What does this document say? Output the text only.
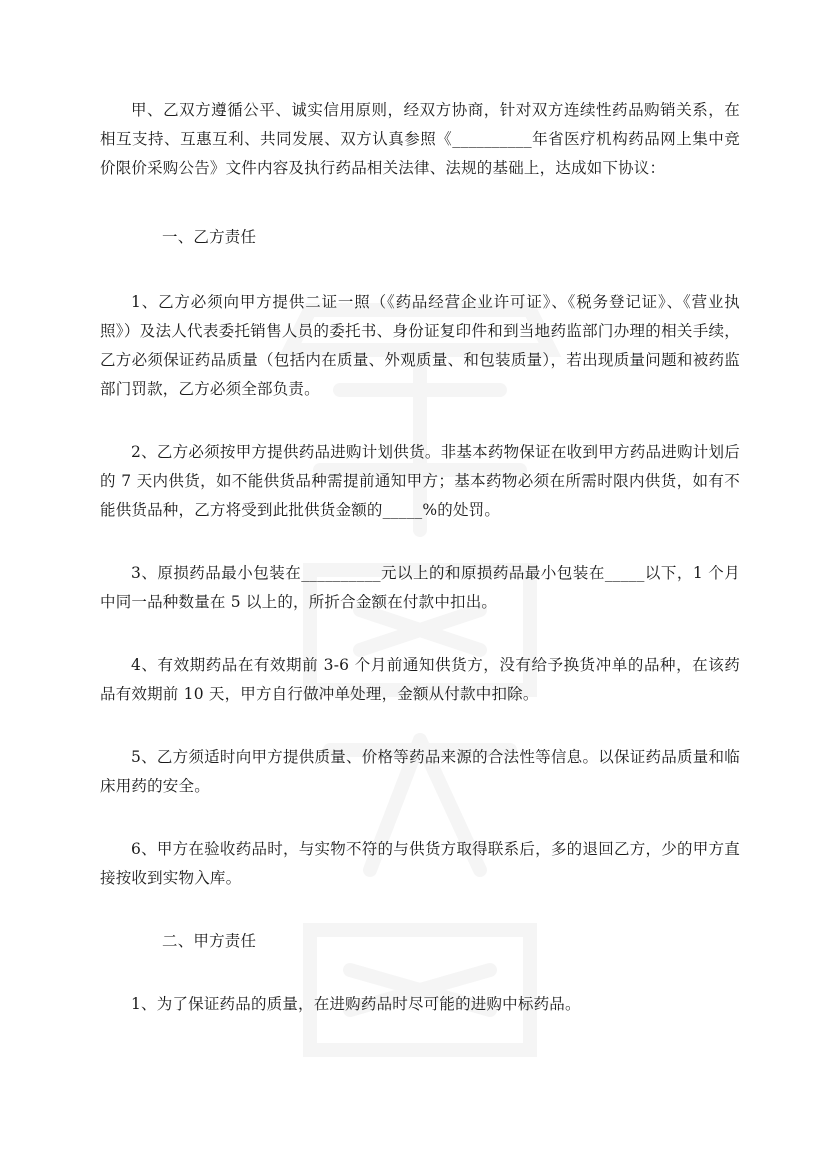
甲、乙双方遵循公平、诚实信用原则，经双方协商，针对双方连续性药品购销关系，在相互支持、互惠互利、共同发展、双方认真参照《__________年省医疗机构药品网上集中竞价限价采购公告》文件内容及执行药品相关法律、法规的基础上，达成如下协议：

一、乙方责任

1、乙方必须向甲方提供二证一照（《药品经营企业许可证》、《税务登记证》、《营业执照》）及法人代表委托销售人员的委托书、身份证复印件和到当地药监部门办理的相关手续，乙方必须保证药品质量（包括内在质量、外观质量、和包装质量），若出现质量问题和被药监部门罚款，乙方必须全部负责。

2、乙方必须按甲方提供药品进购计划供货。非基本药物保证在收到甲方药品进购计划后的 7 天内供货，如不能供货品种需提前通知甲方；基本药物必须在所需时限内供货，如有不能供货品种，乙方将受到此批供货金额的_____%的处罚。

3、原损药品最小包装在__________元以上的和原损药品最小包装在_____以下，1 个月中同一品种数量在 5 以上的，所折合金额在付款中扣出。

4、有效期药品在有效期前 3-6 个月前通知供货方，没有给予换货冲单的品种，在该药品有效期前 10 天，甲方自行做冲单处理，金额从付款中扣除。

5、乙方须适时向甲方提供质量、价格等药品来源的合法性等信息。以保证药品质量和临床用药的安全。

6、甲方在验收药品时，与实物不符的与供货方取得联系后，多的退回乙方，少的甲方直接按收到实物入库。

二、甲方责任

1、为了保证药品的质量，在进购药品时尽可能的进购中标药品。
